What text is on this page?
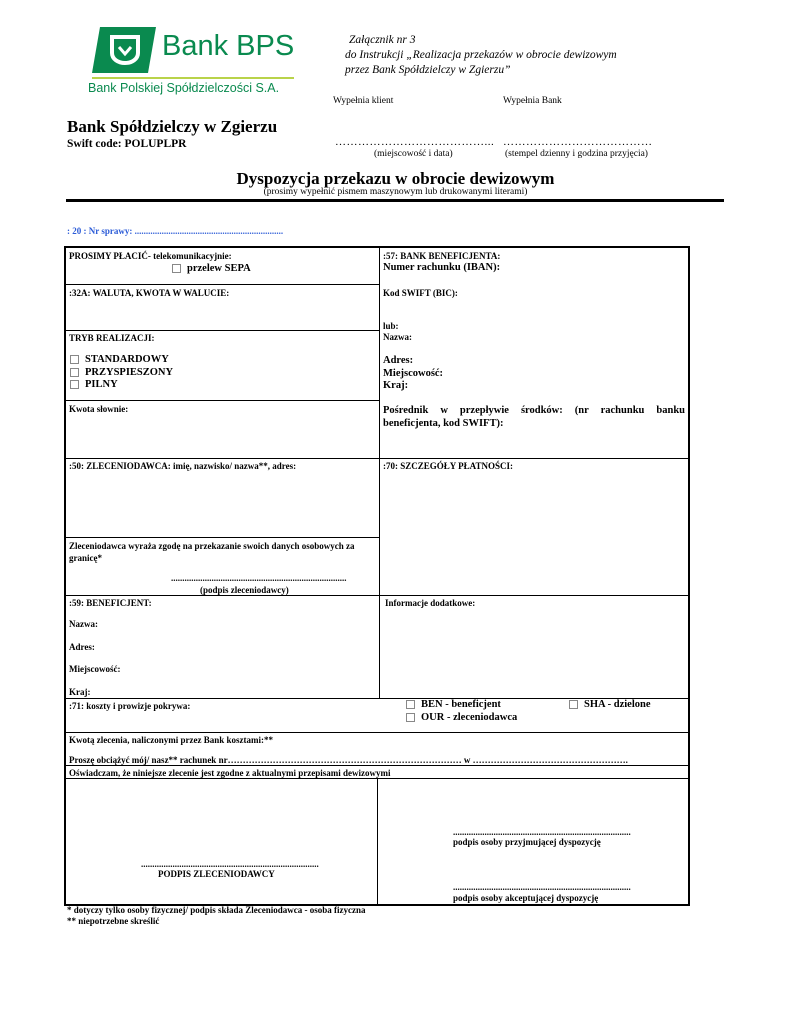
Bank BPS
Bank Polskiej Spółdzielczości S.A.
Załącznik nr 3
do Instrukcji „Realizacja przekazów w obrocie dewizowym
przez Bank Spółdzielczy w Zgierzu”
Wypełnia klient	Wypełnia Bank
Bank Spółdzielczy w Zgierzu
Swift code: POLUPLPR	…………………………………... …………………………………
(miejscowość i data)	(stempel dzienny i godzina przyjęcia)
Dyspozycja przekazu w obrocie dewizowym
(prosimy wypełnić pismem maszynowym lub drukowanymi literami)
: 20 : Nr sprawy: ..................................................................
PROSIMY PŁACIĆ- telekomunikacyjnie:
przelew SEPA
:32A: WALUTA, KWOTA W WALUCIE:
TRYB REALIZACJI:
STANDARDOWY
PRZYSPIESZONY
PILNY
Kwota słownie:
:50: ZLECENIODAWCA: imię, nazwisko/ nazwa**, adres:
Zleceniodawca wyraża zgodę na przekazanie swoich danych osobowych za granicę*
..............................................................................
(podpis zleceniodawcy)
:59: BENEFICJENT:
Nazwa:
Adres:
Miejscowość:
Kraj:
:57: BANK BENEFICJENTA:
Numer rachunku (IBAN):
Kod SWIFT (BIC):
lub:
Nazwa:
Adres:
Miejscowość:
Kraj:
Pośrednik w przepływie środków: (nr rachunku banku beneficjenta, kod SWIFT):
:70: SZCZEGÓŁY PŁATNOŚCI:
Informacje dodatkowe:
:71: koszty i prowizje pokrywa:	BEN - beneficjent	SHA - dzielone
OUR - zleceniodawca
Kwotą zlecenia, naliczonymi przez Bank kosztami:**
Proszę obciążyć mój/ nasz** rachunek nr…………………………………………………………………… w …………………………………………….
Oświadczam, że niniejsze zlecenie jest zgodne z aktualnymi przepisami dewizowymi
...............................................................................
PODPIS ZLECENIODAWCY
...............................................................................
podpis osoby przyjmującej dyspozycję
...............................................................................
podpis osoby akceptującej dyspozycję
* dotyczy tylko osoby fizycznej/ podpis składa Zleceniodawca - osoba fizyczna
** niepotrzebne skreślić
